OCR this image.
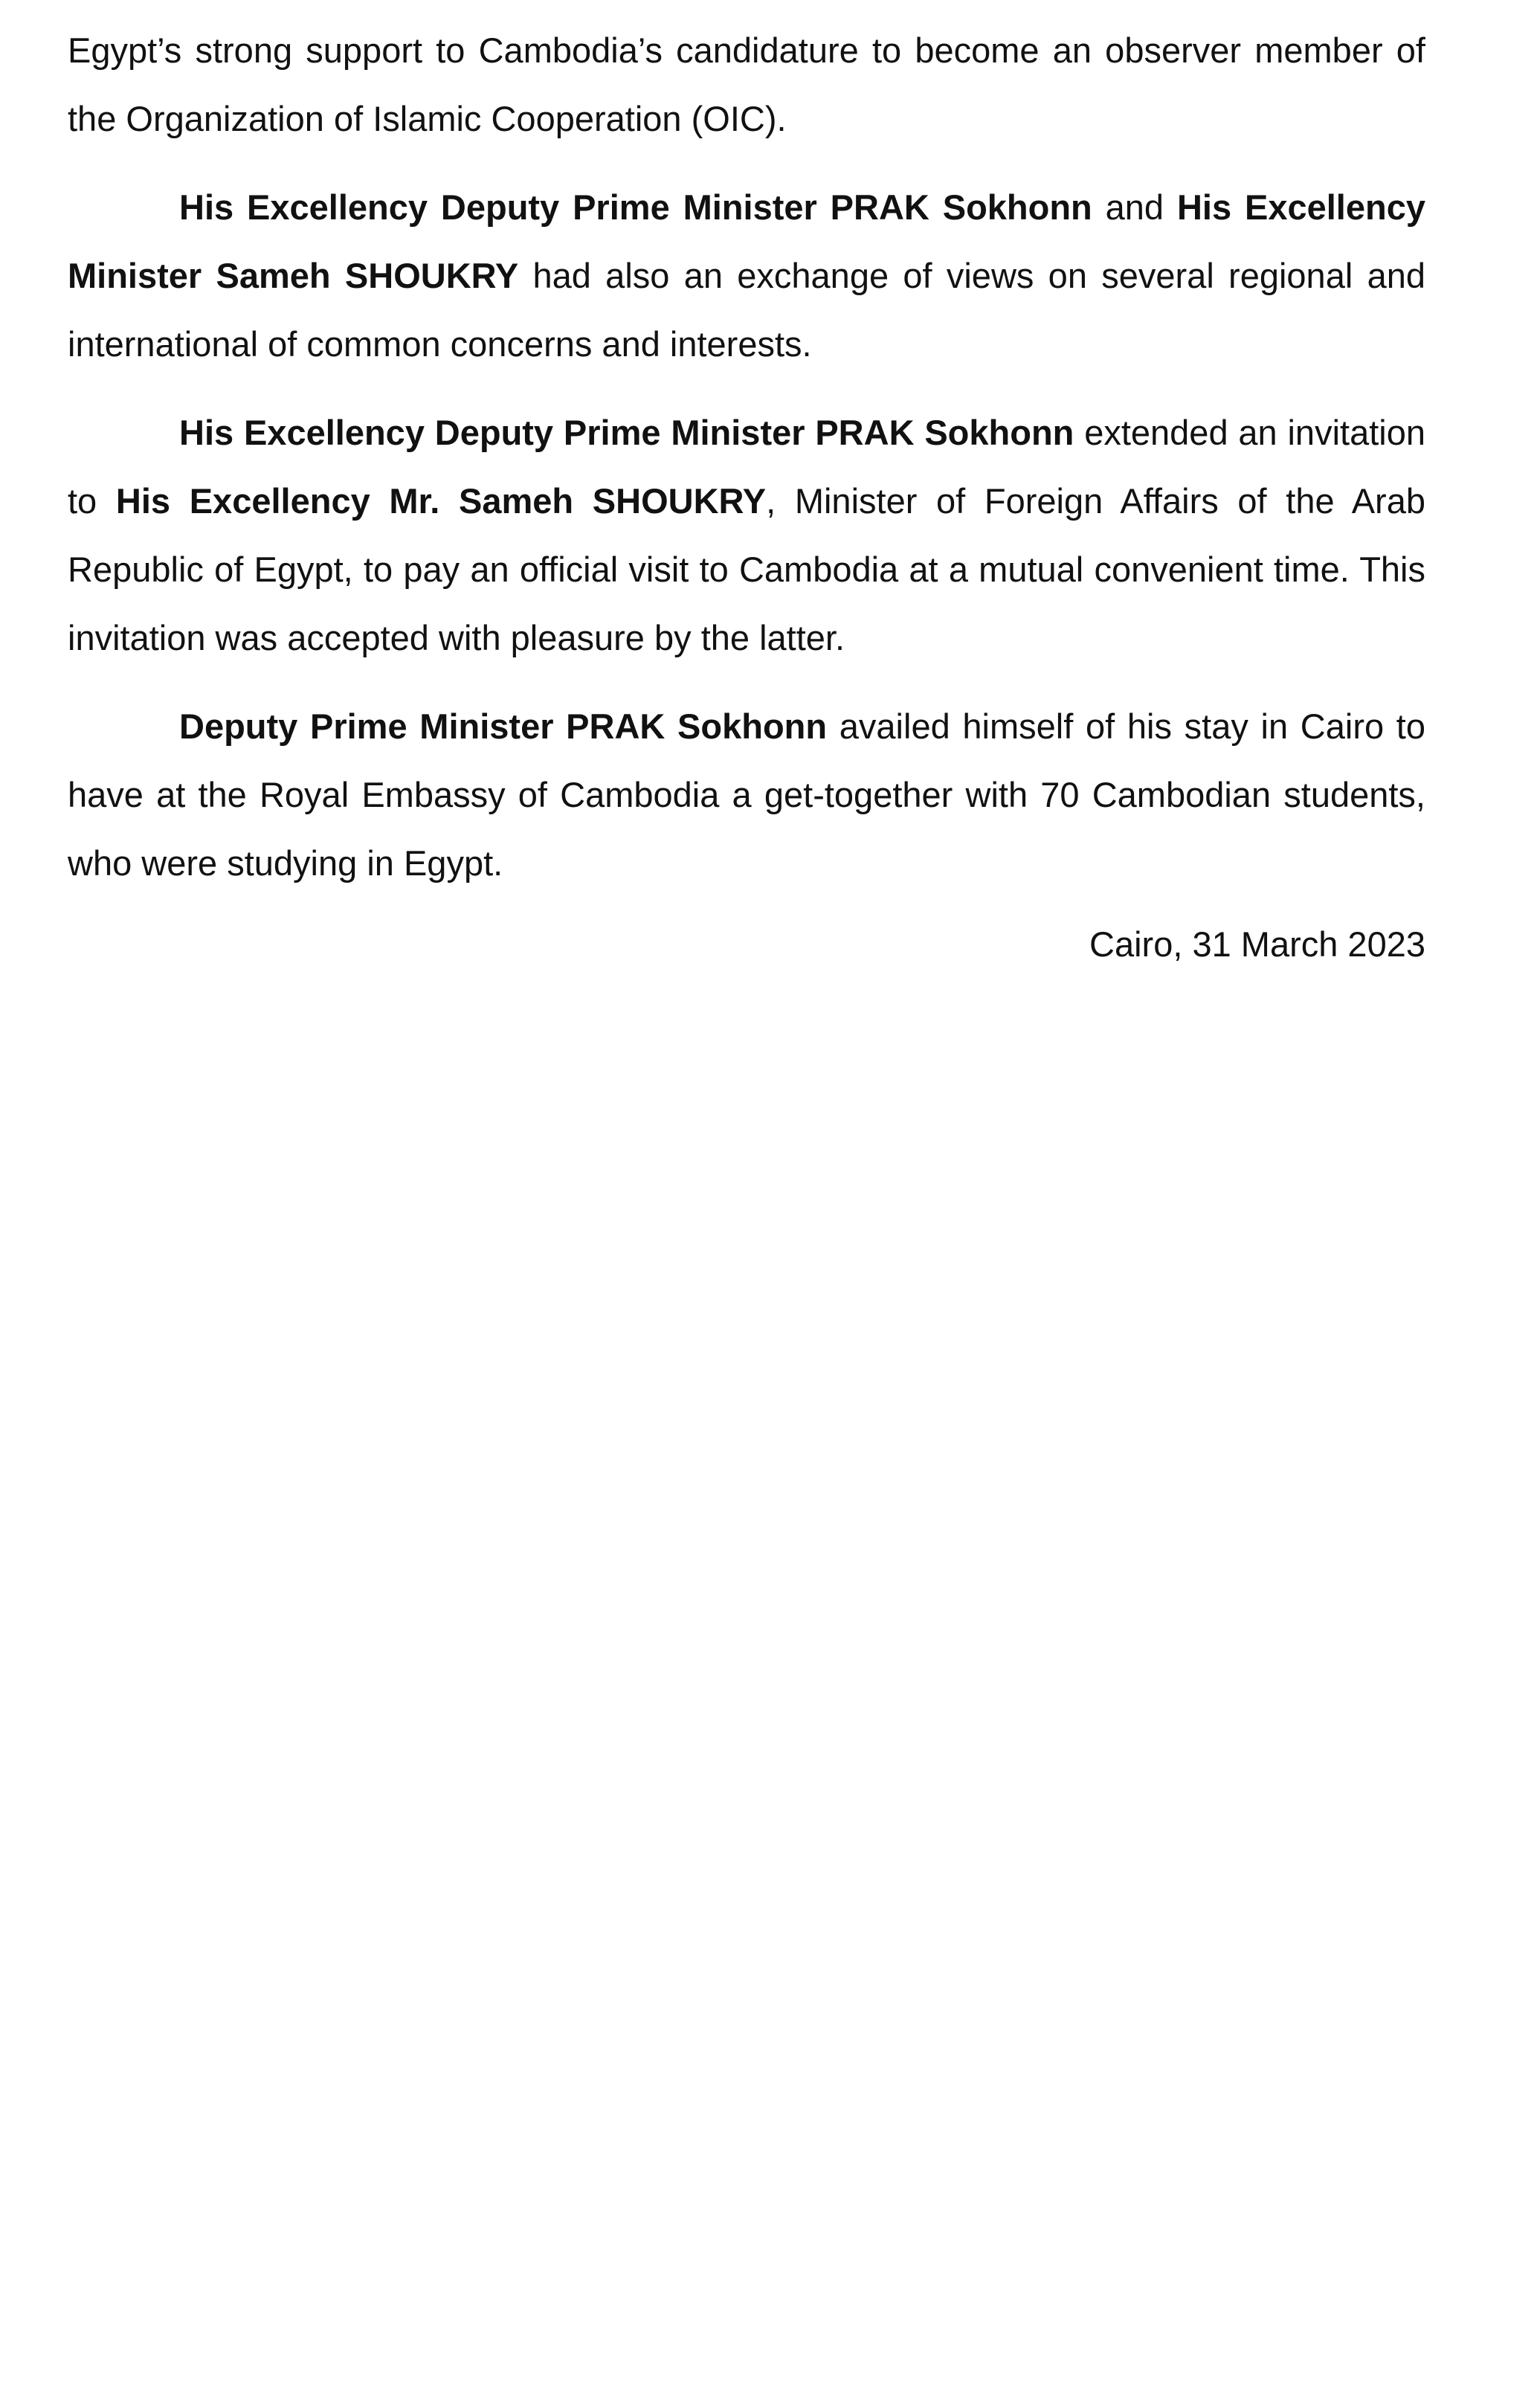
Egypt’s strong support to Cambodia’s candidature to become an observer member of the Organization of Islamic Cooperation (OIC).

His Excellency Deputy Prime Minister PRAK Sokhonn and His Excellency Minister Sameh SHOUKRY had also an exchange of views on several regional and international of common concerns and interests.

His Excellency Deputy Prime Minister PRAK Sokhonn extended an invitation to His Excellency Mr. Sameh SHOUKRY, Minister of Foreign Affairs of the Arab Republic of Egypt, to pay an official visit to Cambodia at a mutual convenient time. This invitation was accepted with pleasure by the latter.

Deputy Prime Minister PRAK Sokhonn availed himself of his stay in Cairo to have at the Royal Embassy of Cambodia a get-together with 70 Cambodian students, who were studying in Egypt.

Cairo, 31 March 2023
